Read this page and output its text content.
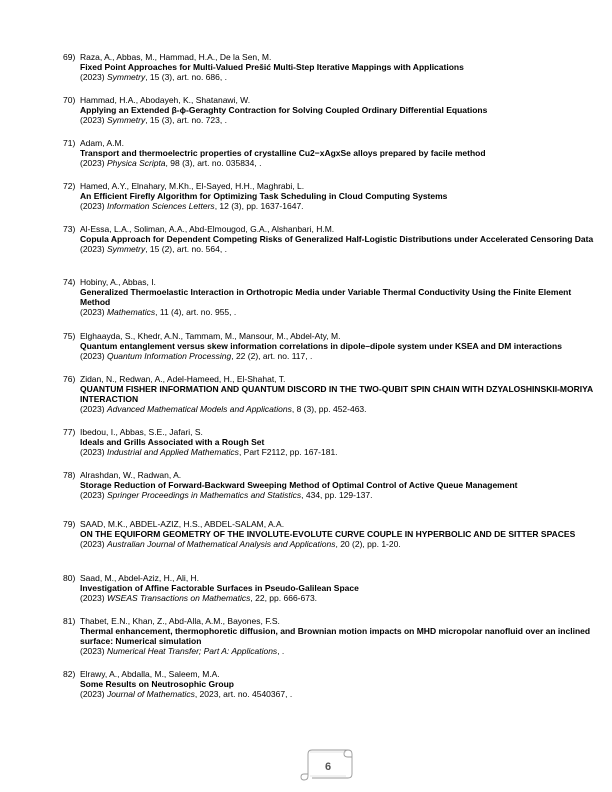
69) Raza, A., Abbas, M., Hammad, H.A., De la Sen, M.
Fixed Point Approaches for Multi-Valued Prešić Multi-Step Iterative Mappings with Applications
(2023) Symmetry, 15 (3), art. no. 686, .
70) Hammad, H.A., Abodayeh, K., Shatanawi, W.
Applying an Extended β-ϕ-Geraghty Contraction for Solving Coupled Ordinary Differential Equations
(2023) Symmetry, 15 (3), art. no. 723, .
71) Adam, A.M.
Transport and thermoelectric properties of crystalline Cu2−xAgxSe alloys prepared by facile method
(2023) Physica Scripta, 98 (3), art. no. 035834, .
72) Hamed, A.Y., Elnahary, M.Kh., El-Sayed, H.H., Maghrabi, L.
An Efficient Firefly Algorithm for Optimizing Task Scheduling in Cloud Computing Systems
(2023) Information Sciences Letters, 12 (3), pp. 1637-1647.
73) Al-Essa, L.A., Soliman, A.A., Abd-Elmougod, G.A., Alshanbari, H.M.
Copula Approach for Dependent Competing Risks of Generalized Half-Logistic Distributions under Accelerated Censoring Data
(2023) Symmetry, 15 (2), art. no. 564, .
74) Hobiny, A., Abbas, I.
Generalized Thermoelastic Interaction in Orthotropic Media under Variable Thermal Conductivity Using the Finite Element Method
(2023) Mathematics, 11 (4), art. no. 955, .
75) Elghaayda, S., Khedr, A.N., Tammam, M., Mansour, M., Abdel-Aty, M.
Quantum entanglement versus skew information correlations in dipole–dipole system under KSEA and DM interactions
(2023) Quantum Information Processing, 22 (2), art. no. 117, .
76) Zidan, N., Redwan, A., Adel-Hameed, H., El-Shahat, T.
QUANTUM FISHER INFORMATION AND QUANTUM DISCORD IN THE TWO-QUBIT SPIN CHAIN WITH DZYALOSHINSKII-MORIYA INTERACTION
(2023) Advanced Mathematical Models and Applications, 8 (3), pp. 452-463.
77) Ibedou, I., Abbas, S.E., Jafari, S.
Ideals and Grills Associated with a Rough Set
(2023) Industrial and Applied Mathematics, Part F2112, pp. 167-181.
78) Alrashdan, W., Radwan, A.
Storage Reduction of Forward-Backward Sweeping Method of Optimal Control of Active Queue Management
(2023) Springer Proceedings in Mathematics and Statistics, 434, pp. 129-137.
79) SAAD, M.K., ABDEL-AZIZ, H.S., ABDEL-SALAM, A.A.
ON THE EQUIFORM GEOMETRY OF THE INVOLUTE-EVOLUTE CURVE COUPLE IN HYPERBOLIC AND DE SITTER SPACES
(2023) Australian Journal of Mathematical Analysis and Applications, 20 (2), pp. 1-20.
80) Saad, M., Abdel-Aziz, H., Ali, H.
Investigation of Affine Factorable Surfaces in Pseudo-Galilean Space
(2023) WSEAS Transactions on Mathematics, 22, pp. 666-673.
81) Thabet, E.N., Khan, Z., Abd-Alla, A.M., Bayones, F.S.
Thermal enhancement, thermophoretic diffusion, and Brownian motion impacts on MHD micropolar nanofluid over an inclined surface: Numerical simulation
(2023) Numerical Heat Transfer; Part A: Applications, .
82) Elrawy, A., Abdalla, M., Saleem, M.A.
Some Results on Neutrosophic Group
(2023) Journal of Mathematics, 2023, art. no. 4540367, .
6
